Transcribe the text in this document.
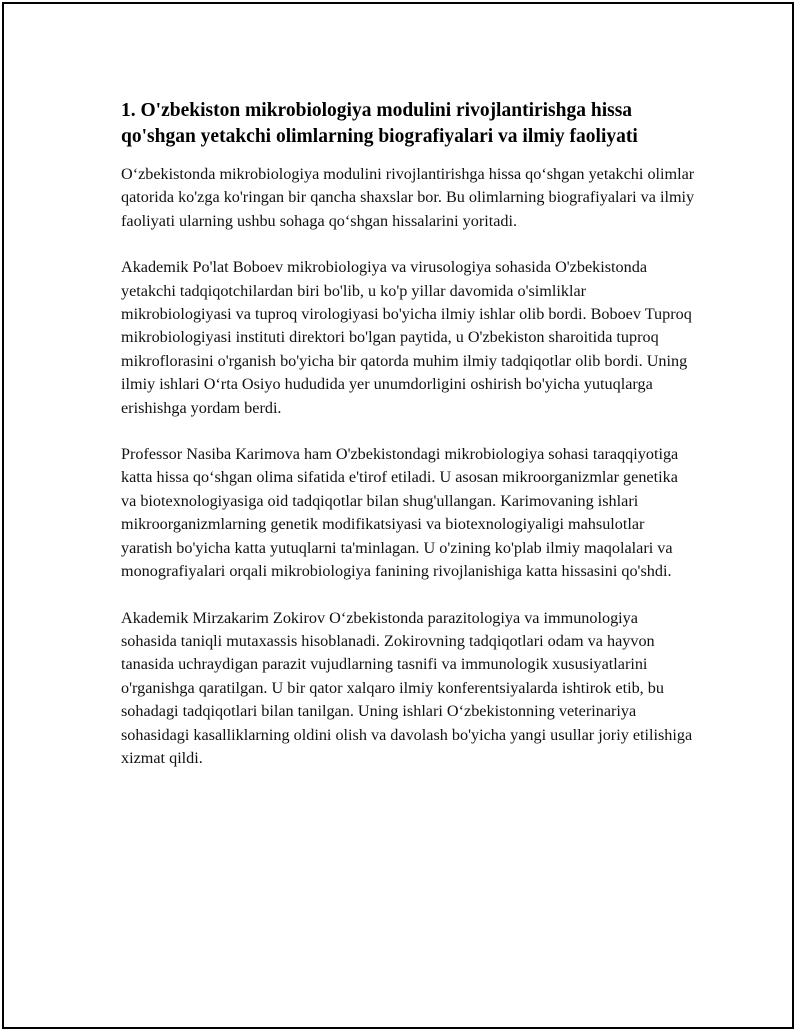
1. O'zbekiston mikrobiologiya modulini rivojlantirishga hissa qo'shgan yetakchi olimlarning biografiyalari va ilmiy faoliyati

O‘zbekistonda mikrobiologiya modulini rivojlantirishga hissa qo‘shgan yetakchi olimlar qatorida ko'zga ko'ringan bir qancha shaxslar bor. Bu olimlarning biografiyalari va ilmiy faoliyati ularning ushbu sohaga qo‘shgan hissalarini yoritadi.

Akademik Po'lat Boboev mikrobiologiya va virusologiya sohasida O'zbekistonda yetakchi tadqiqotchilardan biri bo'lib, u ko'p yillar davomida o'simliklar mikrobiologiyasi va tuproq virologiyasi bo'yicha ilmiy ishlar olib bordi. Boboev Tuproq mikrobiologiyasi instituti direktori bo'lgan paytida, u O'zbekiston sharoitida tuproq mikroflorasini o'rganish bo'yicha bir qatorda muhim ilmiy tadqiqotlar olib bordi. Uning ilmiy ishlari O‘rta Osiyo hududida yer unumdorligini oshirish bo'yicha yutuqlarga erishishga yordam berdi.

Professor Nasiba Karimova ham O'zbekistondagi mikrobiologiya sohasi taraqqiyotiga katta hissa qo‘shgan olima sifatida e'tirof etiladi. U asosan mikroorganizmlar genetika va biotexnologiyasiga oid tadqiqotlar bilan shug'ullangan. Karimovaning ishlari mikroorganizmlarning genetik modifikatsiyasi va biotexnologiyaligi mahsulotlar yaratish bo'yicha katta yutuqlarni ta'minlagan. U o'zining ko'plab ilmiy maqolalari va monografiyalari orqali mikrobiologiya fanining rivojlanishiga katta hissasini qo'shdi.

Akademik Mirzakarim Zokirov O‘zbekistonda parazitologiya va immunologiya sohasida taniqli mutaxassis hisoblanadi. Zokirovning tadqiqotlari odam va hayvon tanasida uchraydigan parazit vujudlarning tasnifi va immunologik xususiyatlarini o'rganishga qaratilgan. U bir qator xalqaro ilmiy konferentsiyalarda ishtirok etib, bu sohadagi tadqiqotlari bilan tanilgan. Uning ishlari O‘zbekistonning veterinariya sohasidagi kasalliklarning oldini olish va davolash bo'yicha yangi usullar joriy etilishiga xizmat qildi.
